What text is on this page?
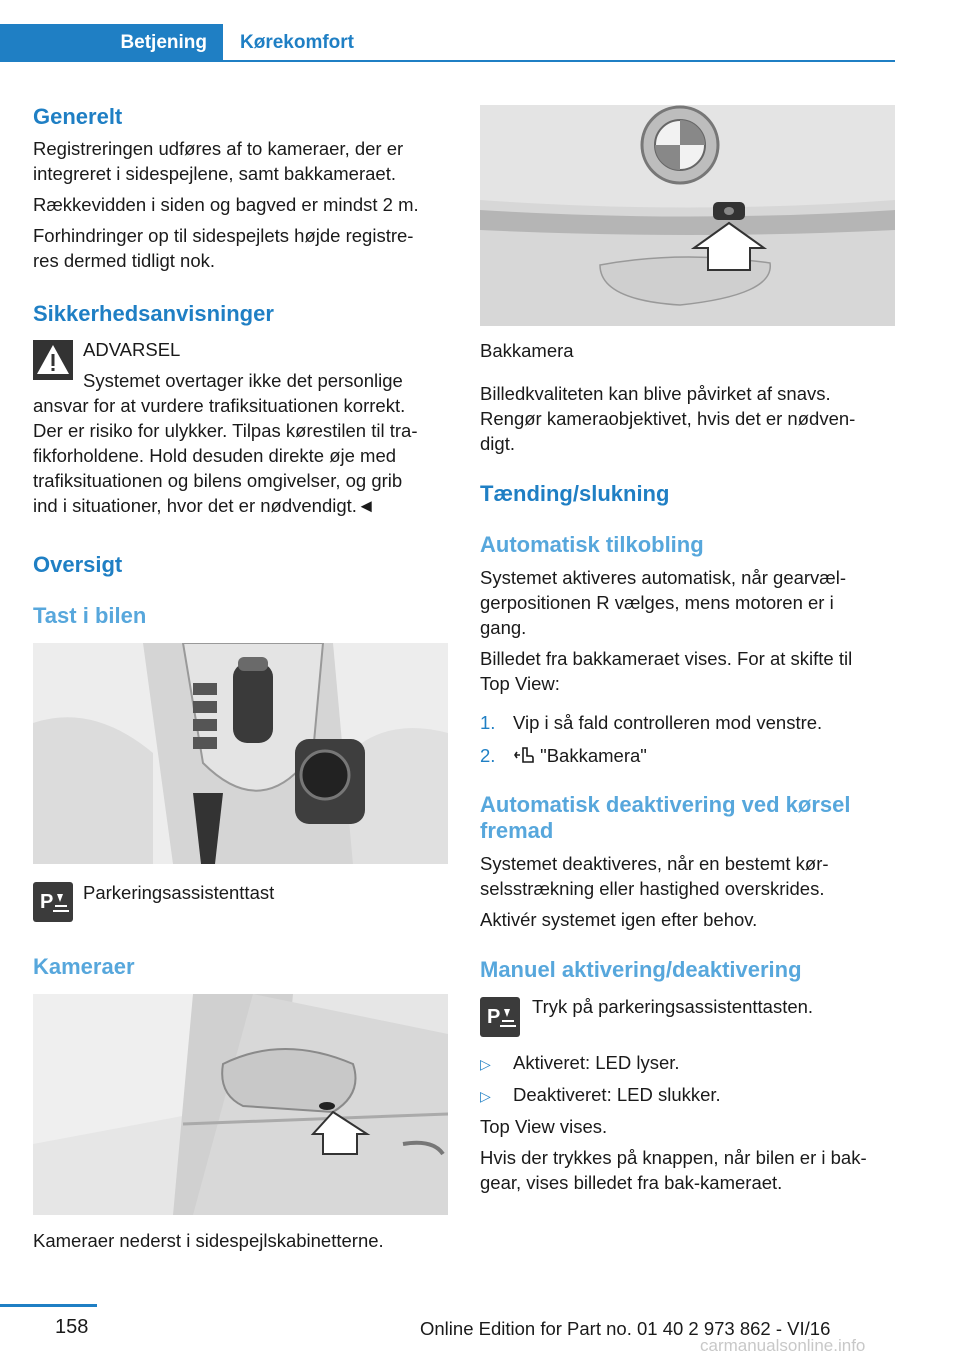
Betjening	Kørekomfort
Generelt
Registreringen udføres af to kameraer, der er
integreret i sidespejlene, samt bakkameraet.
Rækkevidden i siden og bagved er mindst 2 m.
Forhindringer op til sidespejlets højde registre‐
res dermed tidligt nok.
Sikkerhedsanvisninger
ADVARSEL
Systemet overtager ikke det personlige
ansvar for at vurdere trafiksituationen korrekt.
Der er risiko for ulykker. Tilpas kørestilen til tra‐
fikforholdene. Hold desuden direkte øje med
trafiksituationen og bilens omgivelser, og grib
ind i situationer, hvor det er nødvendigt.◄
Oversigt
Tast i bilen
P Parkeringsassistenttast
Kameraer
Kameraer nederst i sidespejlskabinetterne.
Bakkamera
Billedkvaliteten kan blive påvirket af snavs.
Rengør kameraobjektivet, hvis det er nødven‐
digt.
Tænding/slukning
Automatisk tilkobling
Systemet aktiveres automatisk, når gearvæl‐
gerpositionen R vælges, mens motoren er i
gang.
Billedet fra bakkameraet vises. For at skifte til
Top View:
1. Vip i så fald controlleren mod venstre.
2. "Bakkamera"
Automatisk deaktivering ved kørsel
fremad
Systemet deaktiveres, når en bestemt kør‐
selsstrækning eller hastighed overskrides.
Aktivér systemet igen efter behov.
Manuel aktivering/deaktivering
P Tryk på parkeringsassistenttasten.
▷ Aktiveret: LED lyser.
▷ Deaktiveret: LED slukker.
Top View vises.
Hvis der trykkes på knappen, når bilen er i bak‐
gear, vises billedet fra bak-kameraet.
158	Online Edition for Part no. 01 40 2 973 862 - VI/16
carmanualsonline.info
